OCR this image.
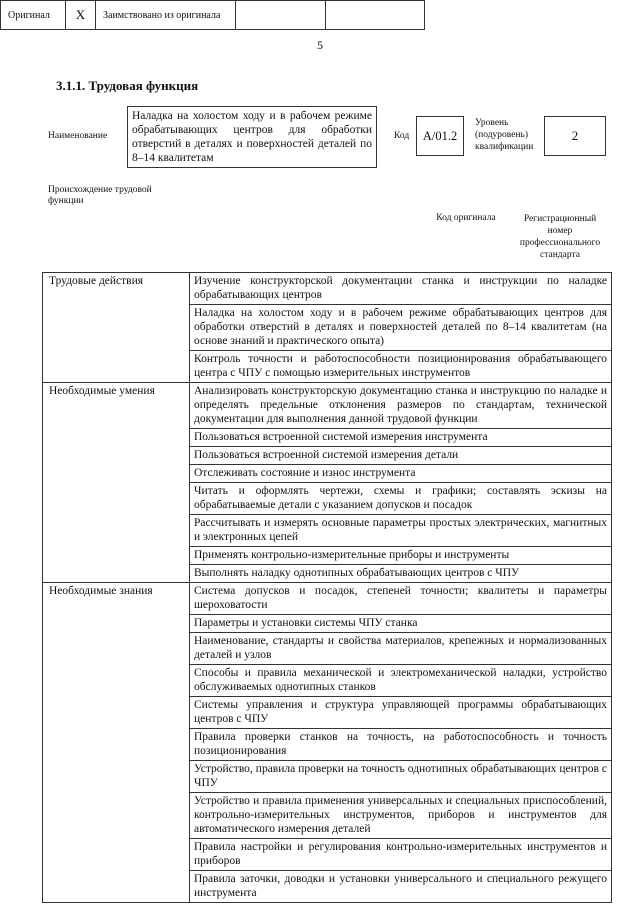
5
3.1.1. Трудовая функция
Наименование
Наладка на холостом ходу и в рабочем режиме обрабатывающих центров для обработки отверстий в деталях и поверхностей деталей по 8–14 квалитетам
Код	А/01.2
Уровень (подуровень) квалификации
2
Происхождение трудовой функции
Оригинал	X	Заимствовано из оригинала
Код оригинала	Регистрационный номер профессионального стандарта
Трудовые действия	Изучение конструкторской документации станка и инструкции по наладке обрабатывающих центров
	Наладка на холостом ходу и в рабочем режиме обрабатывающих центров для обработки отверстий в деталях и поверхностей деталей по 8–14 квалитетам (на основе знаний и практического опыта)
	Контроль точности и работоспособности позиционирования обрабатывающего центра с ЧПУ с помощью измерительных инструментов
Необходимые умения	Анализировать конструкторскую документацию станка и инструкцию по наладке и определять предельные отклонения размеров по стандартам, технической документации для выполнения данной трудовой функции
	Пользоваться встроенной системой измерения инструмента
	Пользоваться встроенной системой измерения детали
	Отслеживать состояние и износ инструмента
	Читать и оформлять чертежи, схемы и графики; составлять эскизы на обрабатываемые детали с указанием допусков и посадок
	Рассчитывать и измерять основные параметры простых электрических, магнитных и электронных цепей
	Применять контрольно-измерительные приборы и инструменты
	Выполнять наладку однотипных обрабатывающих центров с ЧПУ
Необходимые знания	Система допусков и посадок, степеней точности; квалитеты и параметры шероховатости
	Параметры и установки системы ЧПУ станка
	Наименование, стандарты и свойства материалов, крепежных и нормализованных деталей и узлов
	Способы и правила механической и электромеханической наладки, устройство обслуживаемых однотипных станков
	Системы управления и структура управляющей программы обрабатывающих центров с ЧПУ
	Правила проверки станков на точность, на работоспособность и точность позиционирования
	Устройство, правила проверки на точность однотипных обрабатывающих центров с ЧПУ
	Устройство и правила применения универсальных и специальных приспособлений, контрольно-измерительных инструментов, приборов и инструментов для автоматического измерения деталей
	Правила настройки и регулирования контрольно-измерительных инструментов и приборов
	Правила заточки, доводки и установки универсального и специального режущего инструмента
